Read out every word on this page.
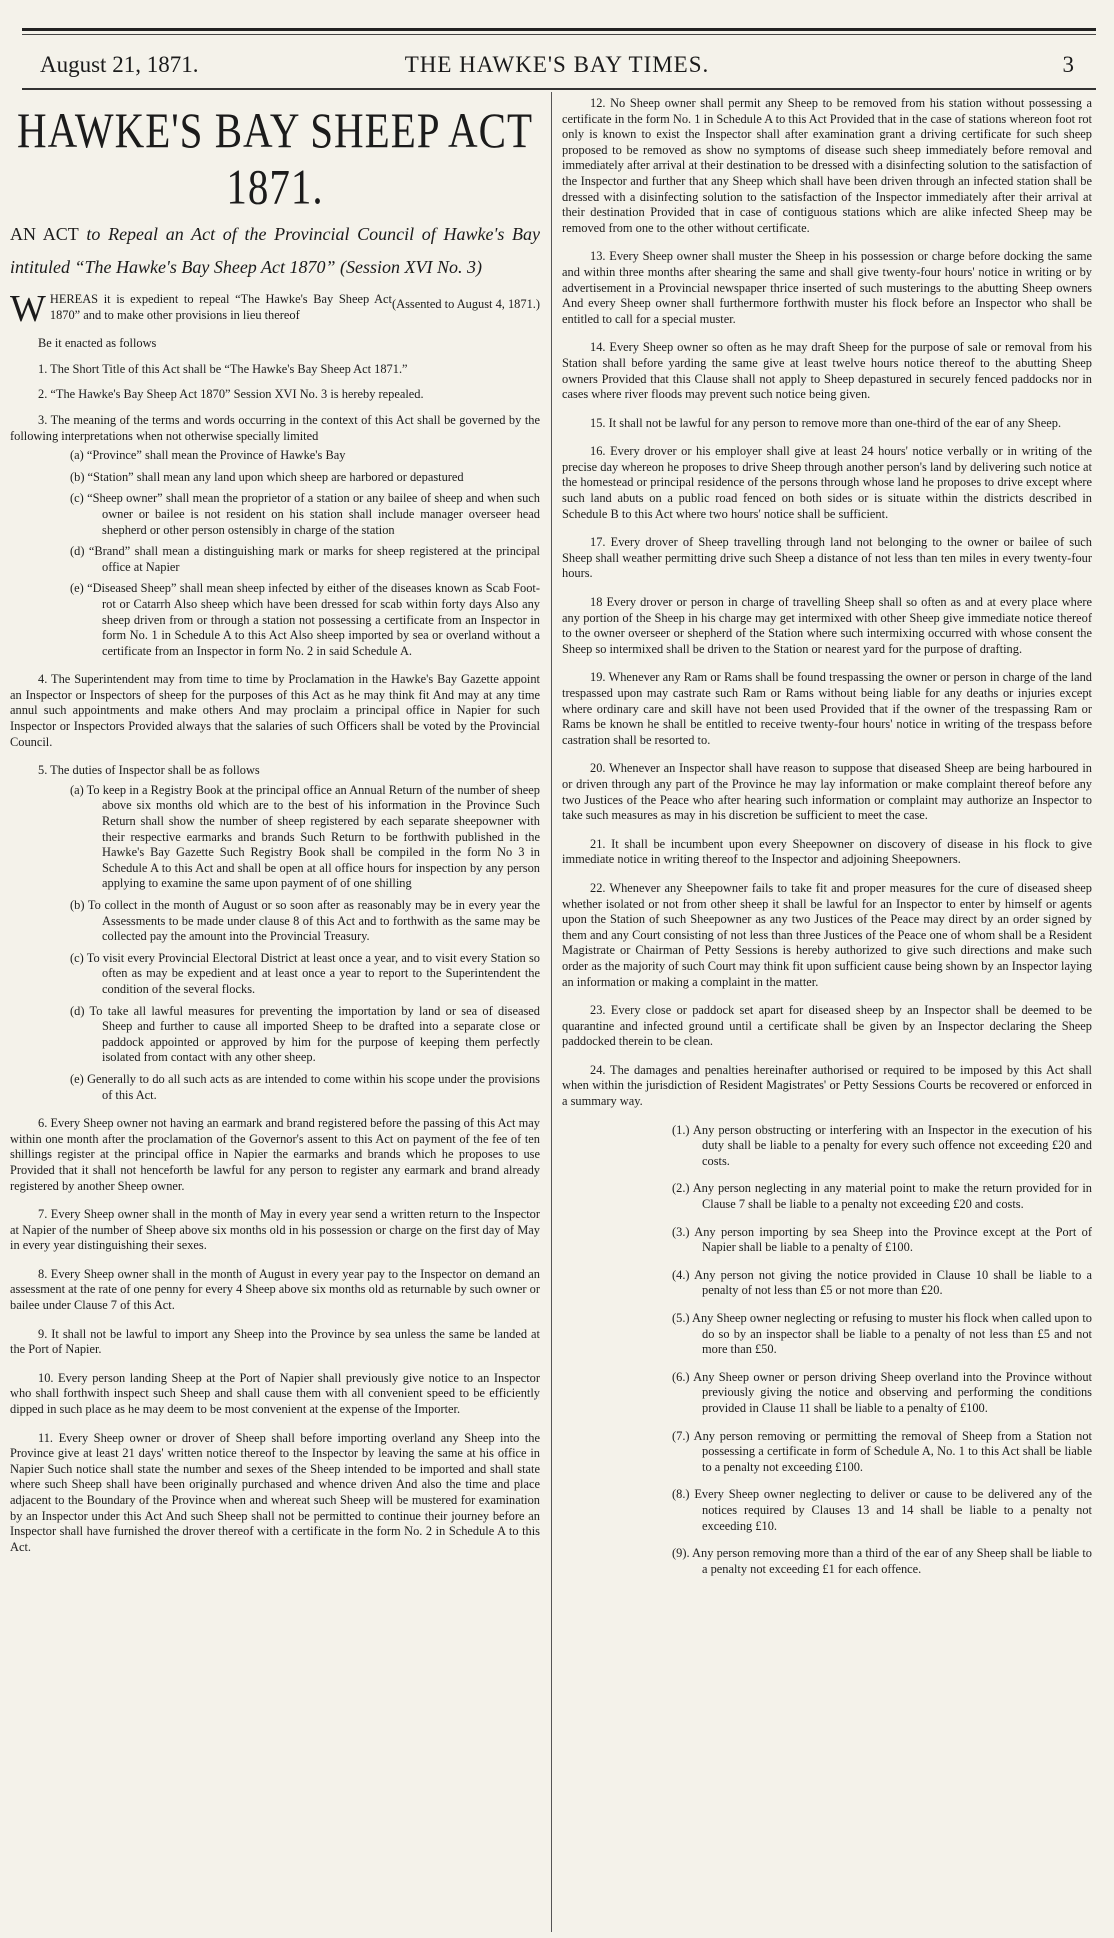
August 21, 1871.	THE HAWKE'S BAY TIMES.	3
HAWKE'S BAY SHEEP ACT 1871.
AN ACT to Repeal an Act of the Provincial Council of Hawke's Bay intituled “The Hawke's Bay Sheep Act 1870” (Session XVI No. 3)
(Assented to August 4, 1871.)

WHEREAS it is expedient to repeal “The Hawke's Bay Sheep Act 1870” and to make other provisions in lieu thereof

Be it enacted as follows

1. The Short Title of this Act shall be “The Hawke's Bay Sheep Act 1871.”

2. “The Hawke's Bay Sheep Act 1870” Session XVI No. 3 is hereby repealed.

3. The meaning of the terms and words occurring in the context of this Act shall be governed by the following interpretations when not otherwise specially limited

(a) “Province” shall mean the Province of Hawke's Bay

(b) “Station” shall mean any land upon which sheep are harbored or depastured

(c) “Sheep owner” shall mean the proprietor of a station or any bailee of sheep and when such owner or bailee is not resident on his station shall include manager overseer head shepherd or other person ostensibly in charge of the station

(d) “Brand” shall mean a distinguishing mark or marks for sheep registered at the principal office at Napier

(e) “Diseased Sheep” shall mean sheep infected by either of the diseases known as Scab Foot-rot or Catarrh Also sheep which have been dressed for scab within forty days Also any sheep driven from or through a station not possessing a certificate from an Inspector in form No. 1 in Schedule A to this Act Also sheep imported by sea or overland without a certificate from an Inspector in form No. 2 in said Schedule A.

4. The Superintendent may from time to time by Proclamation in the Hawke's Bay Gazette appoint an Inspector or Inspectors of sheep for the purposes of this Act as he may think fit And may at any time annul such appointments and make others And may proclaim a principal office in Napier for such Inspector or Inspectors Provided always that the salaries of such Officers shall be voted by the Provincial Council.

5. The duties of Inspector shall be as follows

(a) To keep in a Registry Book at the principal office an Annual Return of the number of sheep above six months old which are to the best of his information in the Province Such Return shall show the number of sheep registered by each separate sheepowner with their respective earmarks and brands Such Return to be forthwith published in the Hawke's Bay Gazette Such Registry Book shall be compiled in the form No 3 in Schedule A to this Act and shall be open at all office hours for inspection by any person applying to examine the same upon payment of of one shilling

(b) To collect in the month of August or so soon after as reasonably may be in every year the Assessments to be made under clause 8 of this Act and to forthwith as the same may be collected pay the amount into the Provincial Treasury.

(c) To visit every Provincial Electoral District at least once a year, and to visit every Station so often as may be expedient and at least once a year to report to the Superintendent the condition of the several flocks.

(d) To take all lawful measures for preventing the importation by land or sea of diseased Sheep and further to cause all imported Sheep to be drafted into a separate close or paddock appointed or approved by him for the purpose of keeping them perfectly isolated from contact with any other sheep.

(e) Generally to do all such acts as are intended to come within his scope under the provisions of this Act.

6. Every Sheep owner not having an earmark and brand registered before the passing of this Act may within one month after the proclamation of the Governor's assent to this Act on payment of the fee of ten shillings register at the principal office in Napier the earmarks and brands which he proposes to use Provided that it shall not henceforth be lawful for any person to register any earmark and brand already registered by another Sheep owner.

7. Every Sheep owner shall in the month of May in every year send a written return to the Inspector at Napier of the number of Sheep above six months old in his possession or charge on the first day of May in every year distinguishing their sexes.

8. Every Sheep owner shall in the month of August in every year pay to the Inspector on demand an assessment at the rate of one penny for every 4 Sheep above six months old as returnable by such owner or bailee under Clause 7 of this Act.

9. It shall not be lawful to import any Sheep into the Province by sea unless the same be landed at the Port of Napier.

10. Every person landing Sheep at the Port of Napier shall previously give notice to an Inspector who shall forthwith inspect such Sheep and shall cause them with all convenient speed to be efficiently dipped in such place as he may deem to be most convenient at the expense of the Importer.

11. Every Sheep owner or drover of Sheep shall before importing overland any Sheep into the Province give at least 21 days' written notice thereof to the Inspector by leaving the same at his office in Napier Such notice shall state the number and sexes of the Sheep intended to be imported and shall state where such Sheep shall have been originally purchased and whence driven And also the time and place adjacent to the Boundary of the Province when and whereat such Sheep will be mustered for examination by an Inspector under this Act And such Sheep shall not be permitted to continue their journey before an Inspector shall have furnished the drover thereof with a certificate in the form No. 2 in Schedule A to this Act.

12. No Sheep owner shall permit any Sheep to be removed from his station without possessing a certificate in the form No. 1 in Schedule A to this Act Provided that in the case of stations whereon foot rot only is known to exist the Inspector shall after examination grant a driving certificate for such sheep proposed to be removed as show no symptoms of disease such sheep immediately before removal and immediately after arrival at their destination to be dressed with a disinfecting solution to the satisfaction of the Inspector and further that any Sheep which shall have been driven through an infected station shall be dressed with a disinfecting solution to the satisfaction of the Inspector immediately after their arrival at their destination Provided that in case of contiguous stations which are alike infected Sheep may be removed from one to the other without certificate.

13. Every Sheep owner shall muster the Sheep in his possession or charge before docking the same and within three months after shearing the same and shall give twenty-four hours' notice in writing or by advertisement in a Provincial newspaper thrice inserted of such musterings to the abutting Sheep owners And every Sheep owner shall furthermore forthwith muster his flock before an Inspector who shall be entitled to call for a special muster.

14. Every Sheep owner so often as he may draft Sheep for the purpose of sale or removal from his Station shall before yarding the same give at least twelve hours notice thereof to the abutting Sheep owners Provided that this Clause shall not apply to Sheep depastured in securely fenced paddocks nor in cases where river floods may prevent such notice being given.

15. It shall not be lawful for any person to remove more than one-third of the ear of any Sheep.

16. Every drover or his employer shall give at least 24 hours' notice verbally or in writing of the precise day whereon he proposes to drive Sheep through another person's land by delivering such notice at the homestead or principal residence of the persons through whose land he proposes to drive except where such land abuts on a public road fenced on both sides or is situate within the districts described in Schedule B to this Act where two hours' notice shall be sufficient.

17. Every drover of Sheep travelling through land not belonging to the owner or bailee of such Sheep shall weather permitting drive such Sheep a distance of not less than ten miles in every twenty-four hours.

18 Every drover or person in charge of travelling Sheep shall so often as and at every place where any portion of the Sheep in his charge may get intermixed with other Sheep give immediate notice thereof to the owner overseer or shepherd of the Station where such intermixing occurred with whose consent the Sheep so intermixed shall be driven to the Station or nearest yard for the purpose of drafting.

19. Whenever any Ram or Rams shall be found trespassing the owner or person in charge of the land trespassed upon may castrate such Ram or Rams without being liable for any deaths or injuries except where ordinary care and skill have not been used Provided that if the owner of the trespassing Ram or Rams be known he shall be entitled to receive twenty-four hours' notice in writing of the trespass before castration shall be resorted to.

20. Whenever an Inspector shall have reason to suppose that diseased Sheep are being harboured in or driven through any part of the Province he may lay information or make complaint thereof before any two Justices of the Peace who after hearing such information or complaint may authorize an Inspector to take such measures as may in his discretion be sufficient to meet the case.

21. It shall be incumbent upon every Sheepowner on discovery of disease in his flock to give immediate notice in writing thereof to the Inspector and adjoining Sheepowners.

22. Whenever any Sheepowner fails to take fit and proper measures for the cure of diseased sheep whether isolated or not from other sheep it shall be lawful for an Inspector to enter by himself or agents upon the Station of such Sheepowner as any two Justices of the Peace may direct by an order signed by them and any Court consisting of not less than three Justices of the Peace one of whom shall be a Resident Magistrate or Chairman of Petty Sessions is hereby authorized to give such directions and make such order as the majority of such Court may think fit upon sufficient cause being shown by an Inspector laying an information or making a complaint in the matter.

23. Every close or paddock set apart for diseased sheep by an Inspector shall be deemed to be quarantine and infected ground until a certificate shall be given by an Inspector declaring the Sheep paddocked therein to be clean.

24. The damages and penalties hereinafter authorised or required to be imposed by this Act shall when within the jurisdiction of Resident Magistrates' or Petty Sessions Courts be recovered or enforced in a summary way.

(1.) Any person obstructing or interfering with an Inspector in the execution of his duty shall be liable to a penalty for every such offence not exceeding £20 and costs.

(2.) Any person neglecting in any material point to make the return provided for in Clause 7 shall be liable to a penalty not exceeding £20 and costs.

(3.) Any person importing by sea Sheep into the Province except at the Port of Napier shall be liable to a penalty of £100.

(4.) Any person not giving the notice provided in Clause 10 shall be liable to a penalty of not less than £5 or not more than £20.

(5.) Any Sheep owner neglecting or refusing to muster his flock when called upon to do so by an inspector shall be liable to a penalty of not less than £5 and not more than £50.

(6.) Any Sheep owner or person driving Sheep overland into the Province without previously giving the notice and observing and performing the conditions provided in Clause 11 shall be liable to a penalty of £100.

(7.) Any person removing or permitting the removal of Sheep from a Station not possessing a certificate in form of Schedule A, No. 1 to this Act shall be liable to a penalty not exceeding £100.

(8.) Every Sheep owner neglecting to deliver or cause to be delivered any of the notices required by Clauses 13 and 14 shall be liable to a penalty not exceeding £10.

(9). Any person removing more than a third of the ear of any Sheep shall be liable to a penalty not exceeding £1 for each offence.
